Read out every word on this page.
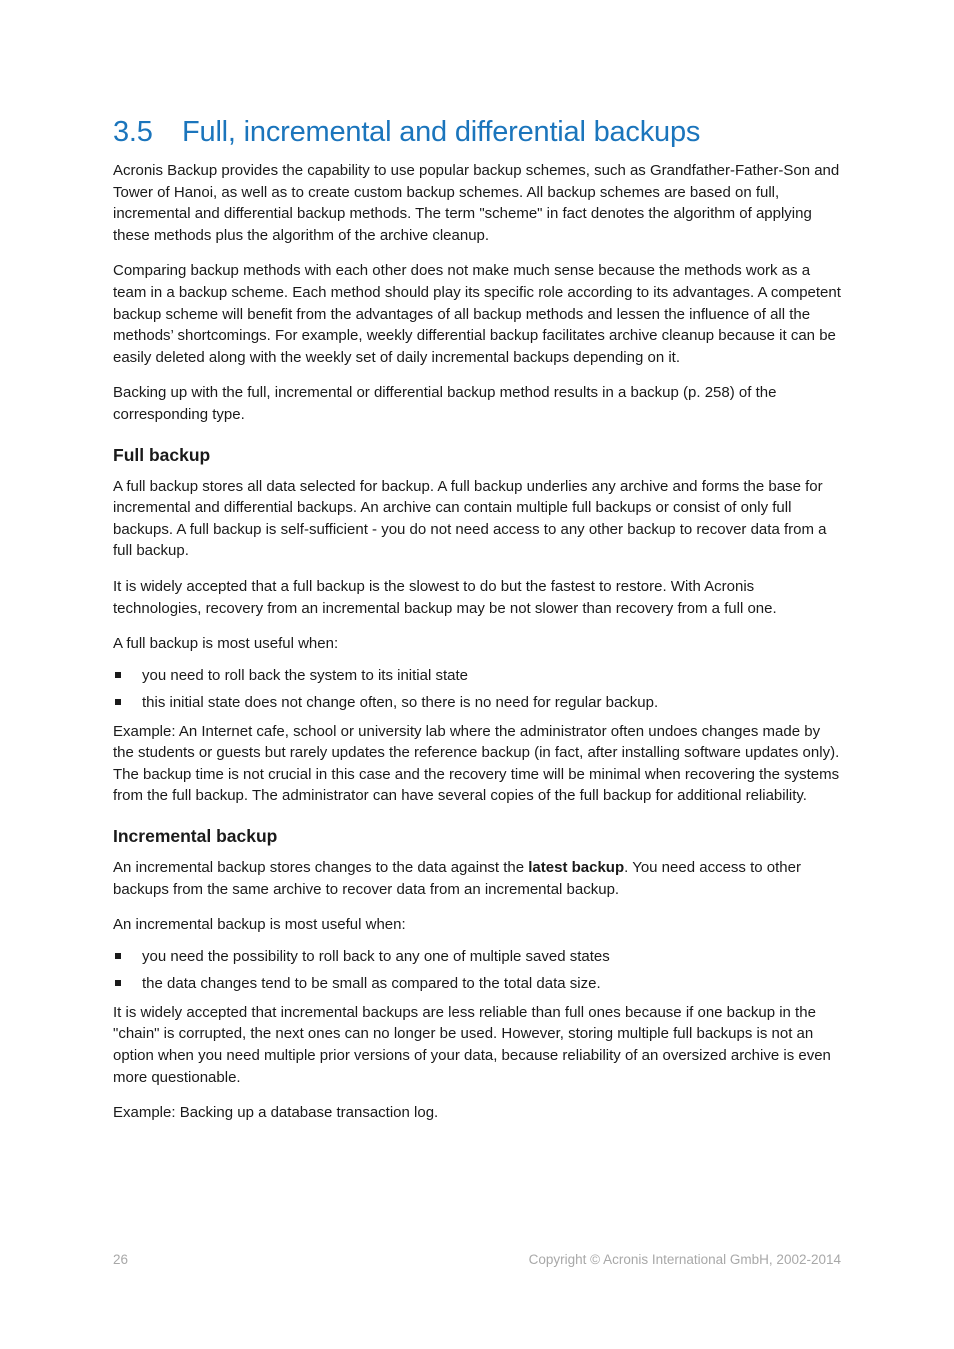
3.5 Full, incremental and differential backups

Acronis Backup provides the capability to use popular backup schemes, such as Grandfather-Father-Son and Tower of Hanoi, as well as to create custom backup schemes. All backup schemes are based on full, incremental and differential backup methods. The term "scheme" in fact denotes the algorithm of applying these methods plus the algorithm of the archive cleanup.

Comparing backup methods with each other does not make much sense because the methods work as a team in a backup scheme. Each method should play its specific role according to its advantages. A competent backup scheme will benefit from the advantages of all backup methods and lessen the influence of all the methods’ shortcomings. For example, weekly differential backup facilitates archive cleanup because it can be easily deleted along with the weekly set of daily incremental backups depending on it.

Backing up with the full, incremental or differential backup method results in a backup (p. 258) of the corresponding type.

Full backup

A full backup stores all data selected for backup. A full backup underlies any archive and forms the base for incremental and differential backups. An archive can contain multiple full backups or consist of only full backups. A full backup is self-sufficient - you do not need access to any other backup to recover data from a full backup.

It is widely accepted that a full backup is the slowest to do but the fastest to restore. With Acronis technologies, recovery from an incremental backup may be not slower than recovery from a full one.

A full backup is most useful when:

you need to roll back the system to its initial state
this initial state does not change often, so there is no need for regular backup.

Example: An Internet cafe, school or university lab where the administrator often undoes changes made by the students or guests but rarely updates the reference backup (in fact, after installing software updates only). The backup time is not crucial in this case and the recovery time will be minimal when recovering the systems from the full backup. The administrator can have several copies of the full backup for additional reliability.

Incremental backup

An incremental backup stores changes to the data against the latest backup. You need access to other backups from the same archive to recover data from an incremental backup.

An incremental backup is most useful when:

you need the possibility to roll back to any one of multiple saved states
the data changes tend to be small as compared to the total data size.

It is widely accepted that incremental backups are less reliable than full ones because if one backup in the "chain" is corrupted, the next ones can no longer be used. However, storing multiple full backups is not an option when you need multiple prior versions of your data, because reliability of an oversized archive is even more questionable.

Example: Backing up a database transaction log.

26	Copyright © Acronis International GmbH, 2002-2014
